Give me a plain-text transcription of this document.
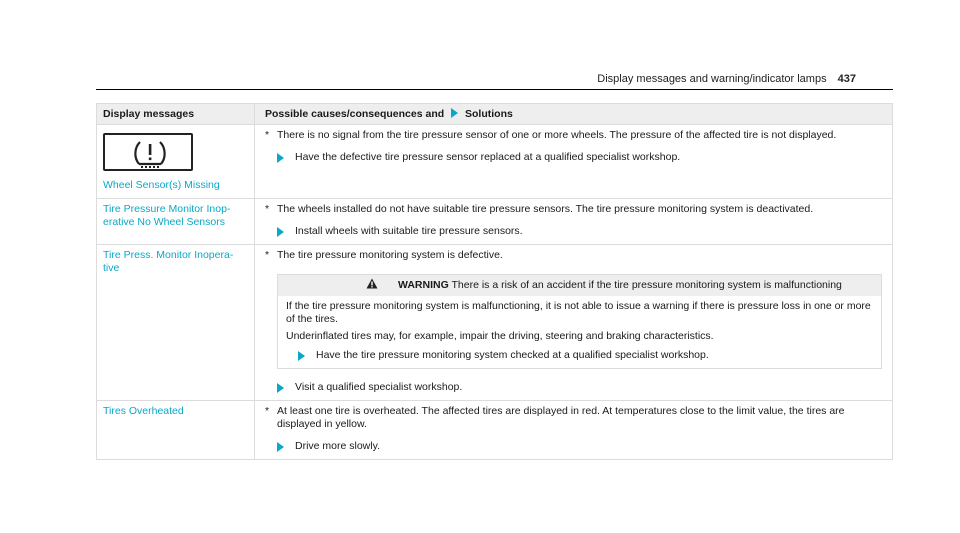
Display messages and warning/indicator lamps 437
Display messages	Possible causes/consequences and Solutions
Wheel Sensor(s) Missing
* There is no signal from the tire pressure sensor of one or more wheels. The pressure of the affected tire is not displayed.
Have the defective tire pressure sensor replaced at a qualified specialist workshop.
Tire Pressure Monitor Inop-erative No Wheel Sensors
* The wheels installed do not have suitable tire pressure sensors. The tire pressure monitoring system is deactivated.
Install wheels with suitable tire pressure sensors.
Tire Press. Monitor Inopera-tive
* The tire pressure monitoring system is defective.
WARNING There is a risk of an accident if the tire pressure monitoring system is malfunctioning

If the tire pressure monitoring system is malfunctioning, it is not able to issue a warning if there is pressure loss in one or more of the tires.

Underinflated tires may, for example, impair the driving, steering and braking characteristics.

Have the tire pressure monitoring system checked at a qualified specialist workshop.
Visit a qualified specialist workshop.
Tires Overheated	* At least one tire is overheated. The affected tires are displayed in red. At temperatures close to the limit value, the tires are displayed in yellow.
Drive more slowly.
